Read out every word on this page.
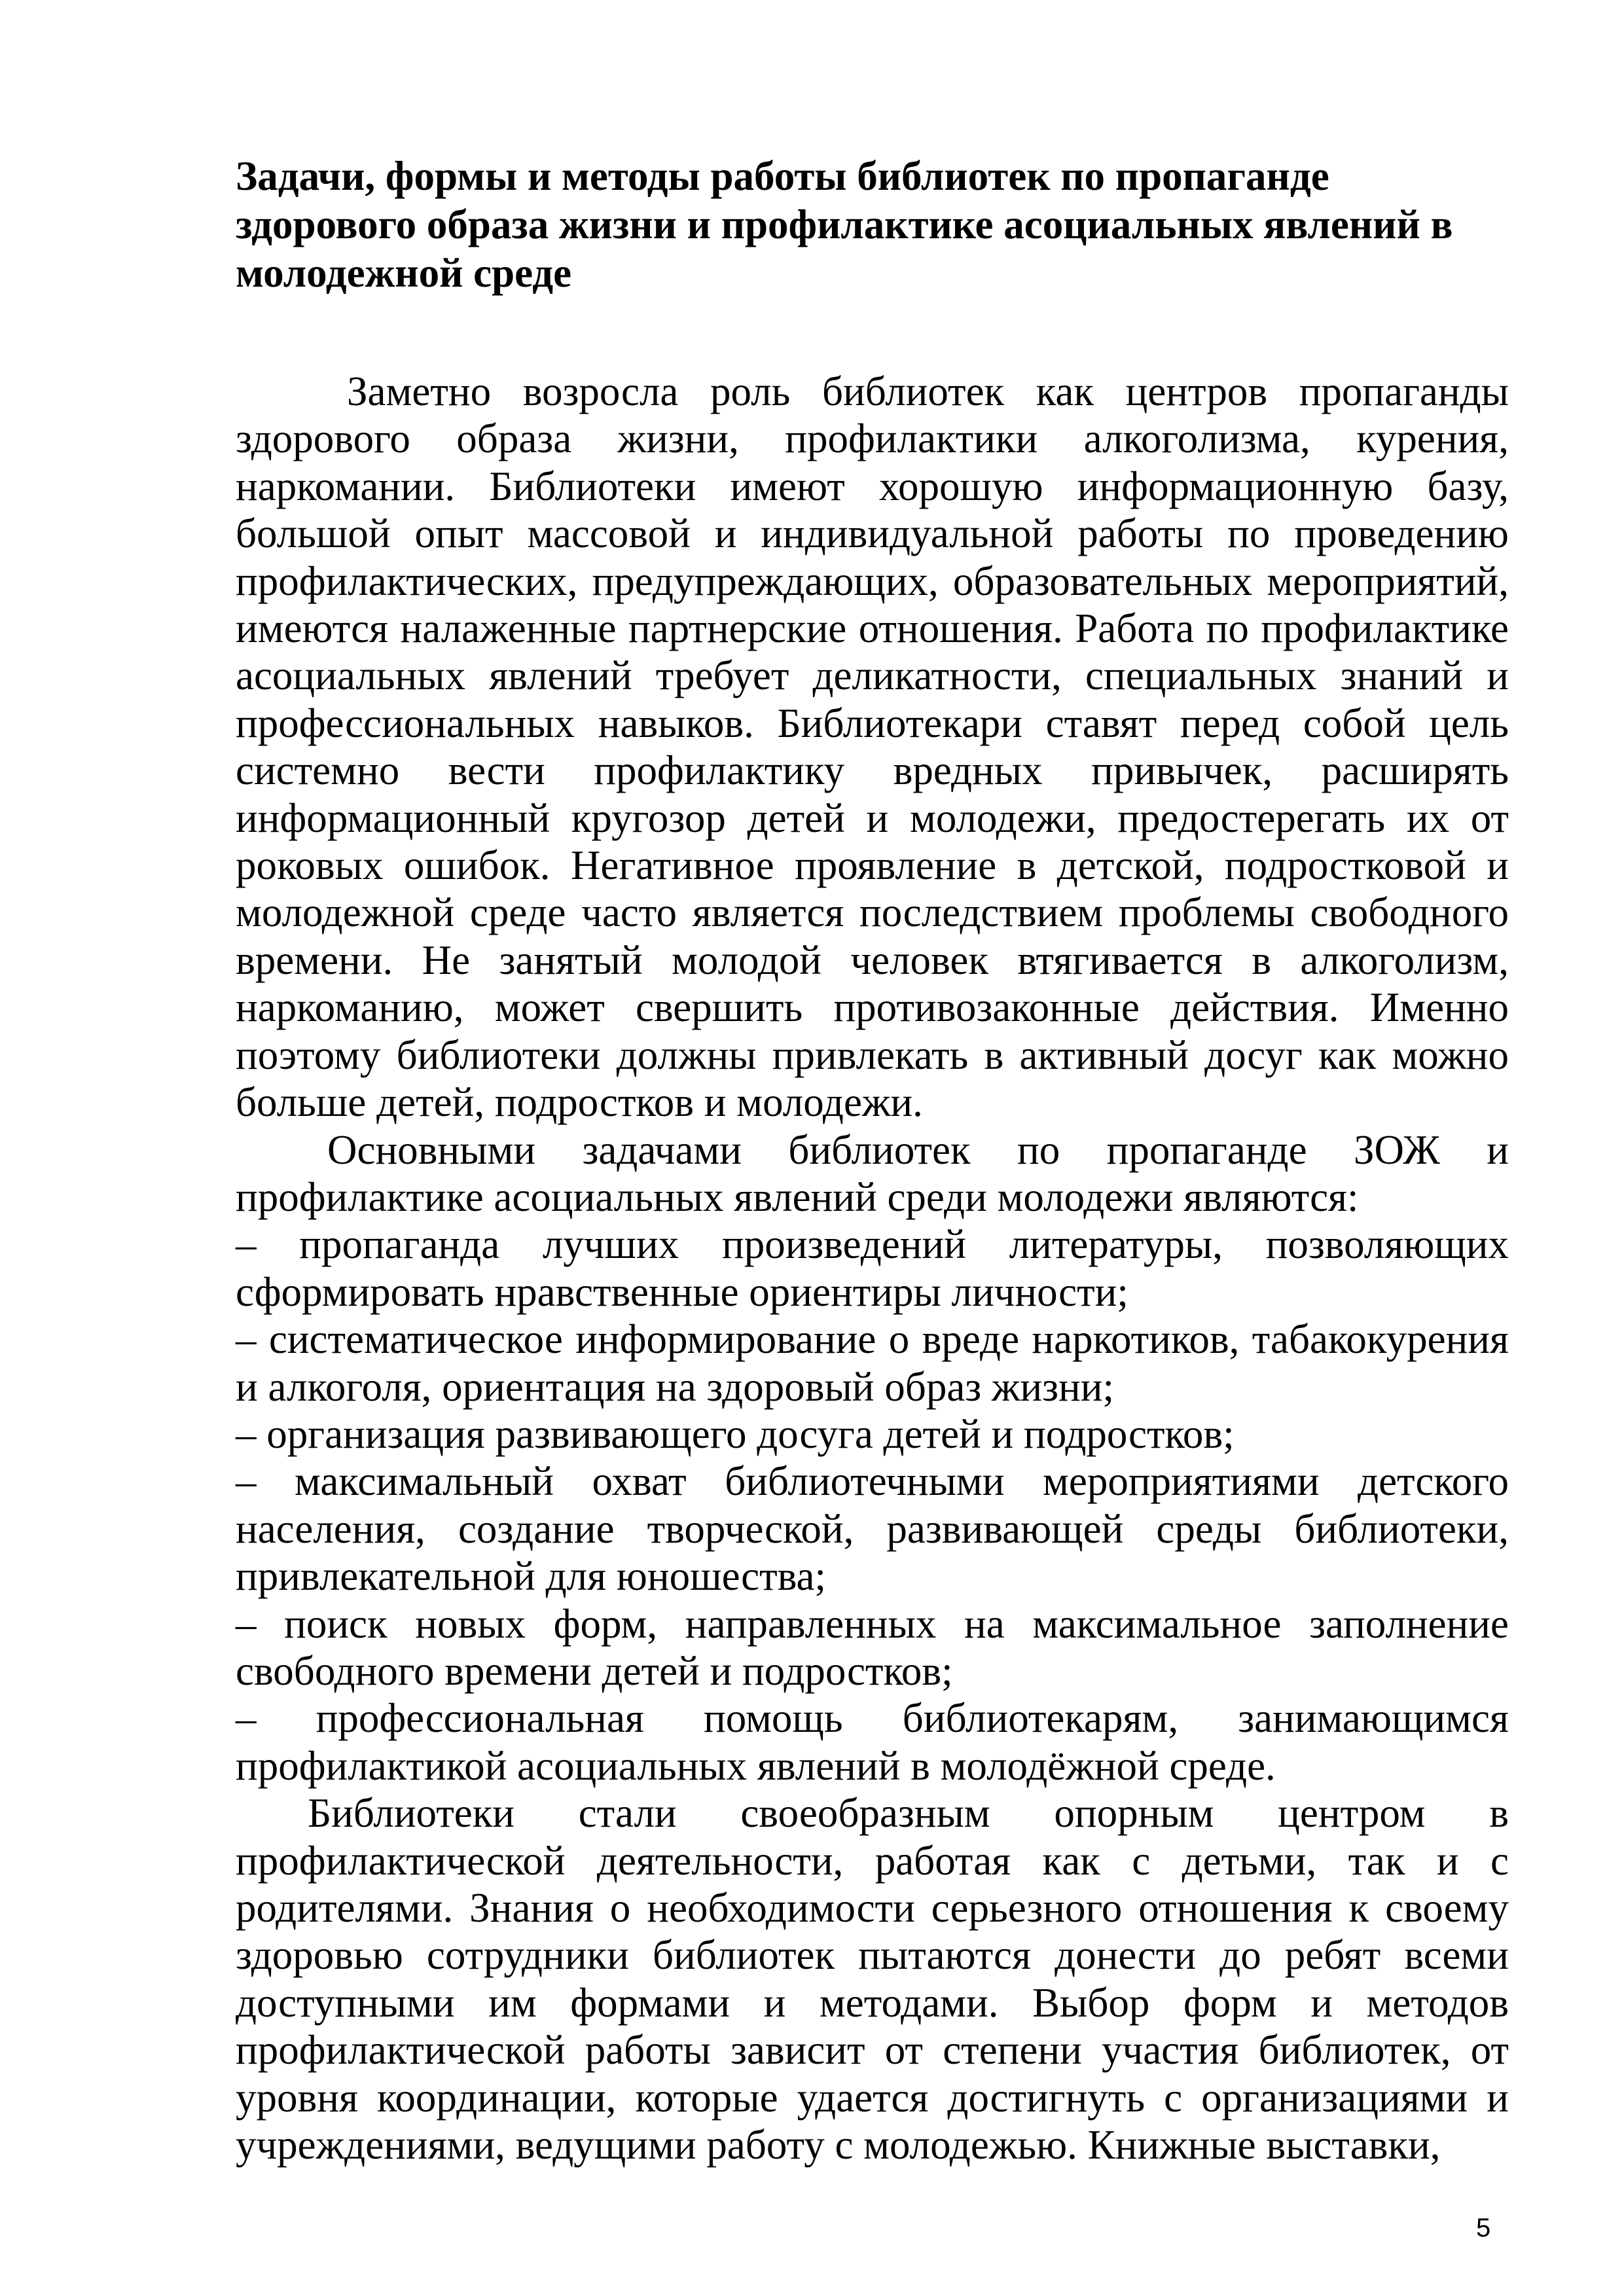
Задачи, формы и методы работы библиотек по пропаганде здорового образа жизни и профилактике асоциальных явлений в молодежной среде

Заметно возросла роль библиотек как центров пропаганды здорового образа жизни, профилактики алкоголизма, курения, наркомании. Библиотеки имеют хорошую информационную базу, большой опыт массовой и индивидуальной работы по проведению профилактических, предупреждающих, образовательных мероприятий, имеются налаженные партнерские отношения. Работа по профилактике асоциальных явлений требует деликатности, специальных знаний и профессиональных навыков. Библиотекари ставят перед собой цель системно вести профилактику вредных привычек, расширять информационный кругозор детей и молодежи, предостерегать их от роковых ошибок. Негативное проявление в детской, подростковой и молодежной среде часто является последствием проблемы свободного времени. Не занятый молодой человек втягивается в алкоголизм, наркоманию, может свершить противозаконные действия. Именно поэтому библиотеки должны привлекать в активный досуг как можно больше детей, подростков и молодежи.

Основными задачами библиотек по пропаганде ЗОЖ и профилактике асоциальных явлений среди молодежи являются:

– пропаганда лучших произведений литературы, позволяющих сформировать нравственные ориентиры личности;
– систематическое информирование о вреде наркотиков, табакокурения и алкоголя, ориентация на здоровый образ жизни;
– организация развивающего досуга детей и подростков;
– максимальный охват библиотечными мероприятиями детского населения, создание творческой, развивающей среды библиотеки, привлекательной для юношества;
– поиск новых форм, направленных на максимальное заполнение свободного времени детей и подростков;
– профессиональная помощь библиотекарям, занимающимся профилактикой асоциальных явлений в молодёжной среде.

Библиотеки стали своеобразным опорным центром в профилактической деятельности, работая как с детьми, так и с родителями. Знания о необходимости серьезного отношения к своему здоровью сотрудники библиотек пытаются донести до ребят всеми доступными им формами и методами. Выбор форм и методов профилактической работы зависит от степени участия библиотек, от уровня координации, которые удается достигнуть с организациями и учреждениями, ведущими работу с молодежью. Книжные выставки,

5
